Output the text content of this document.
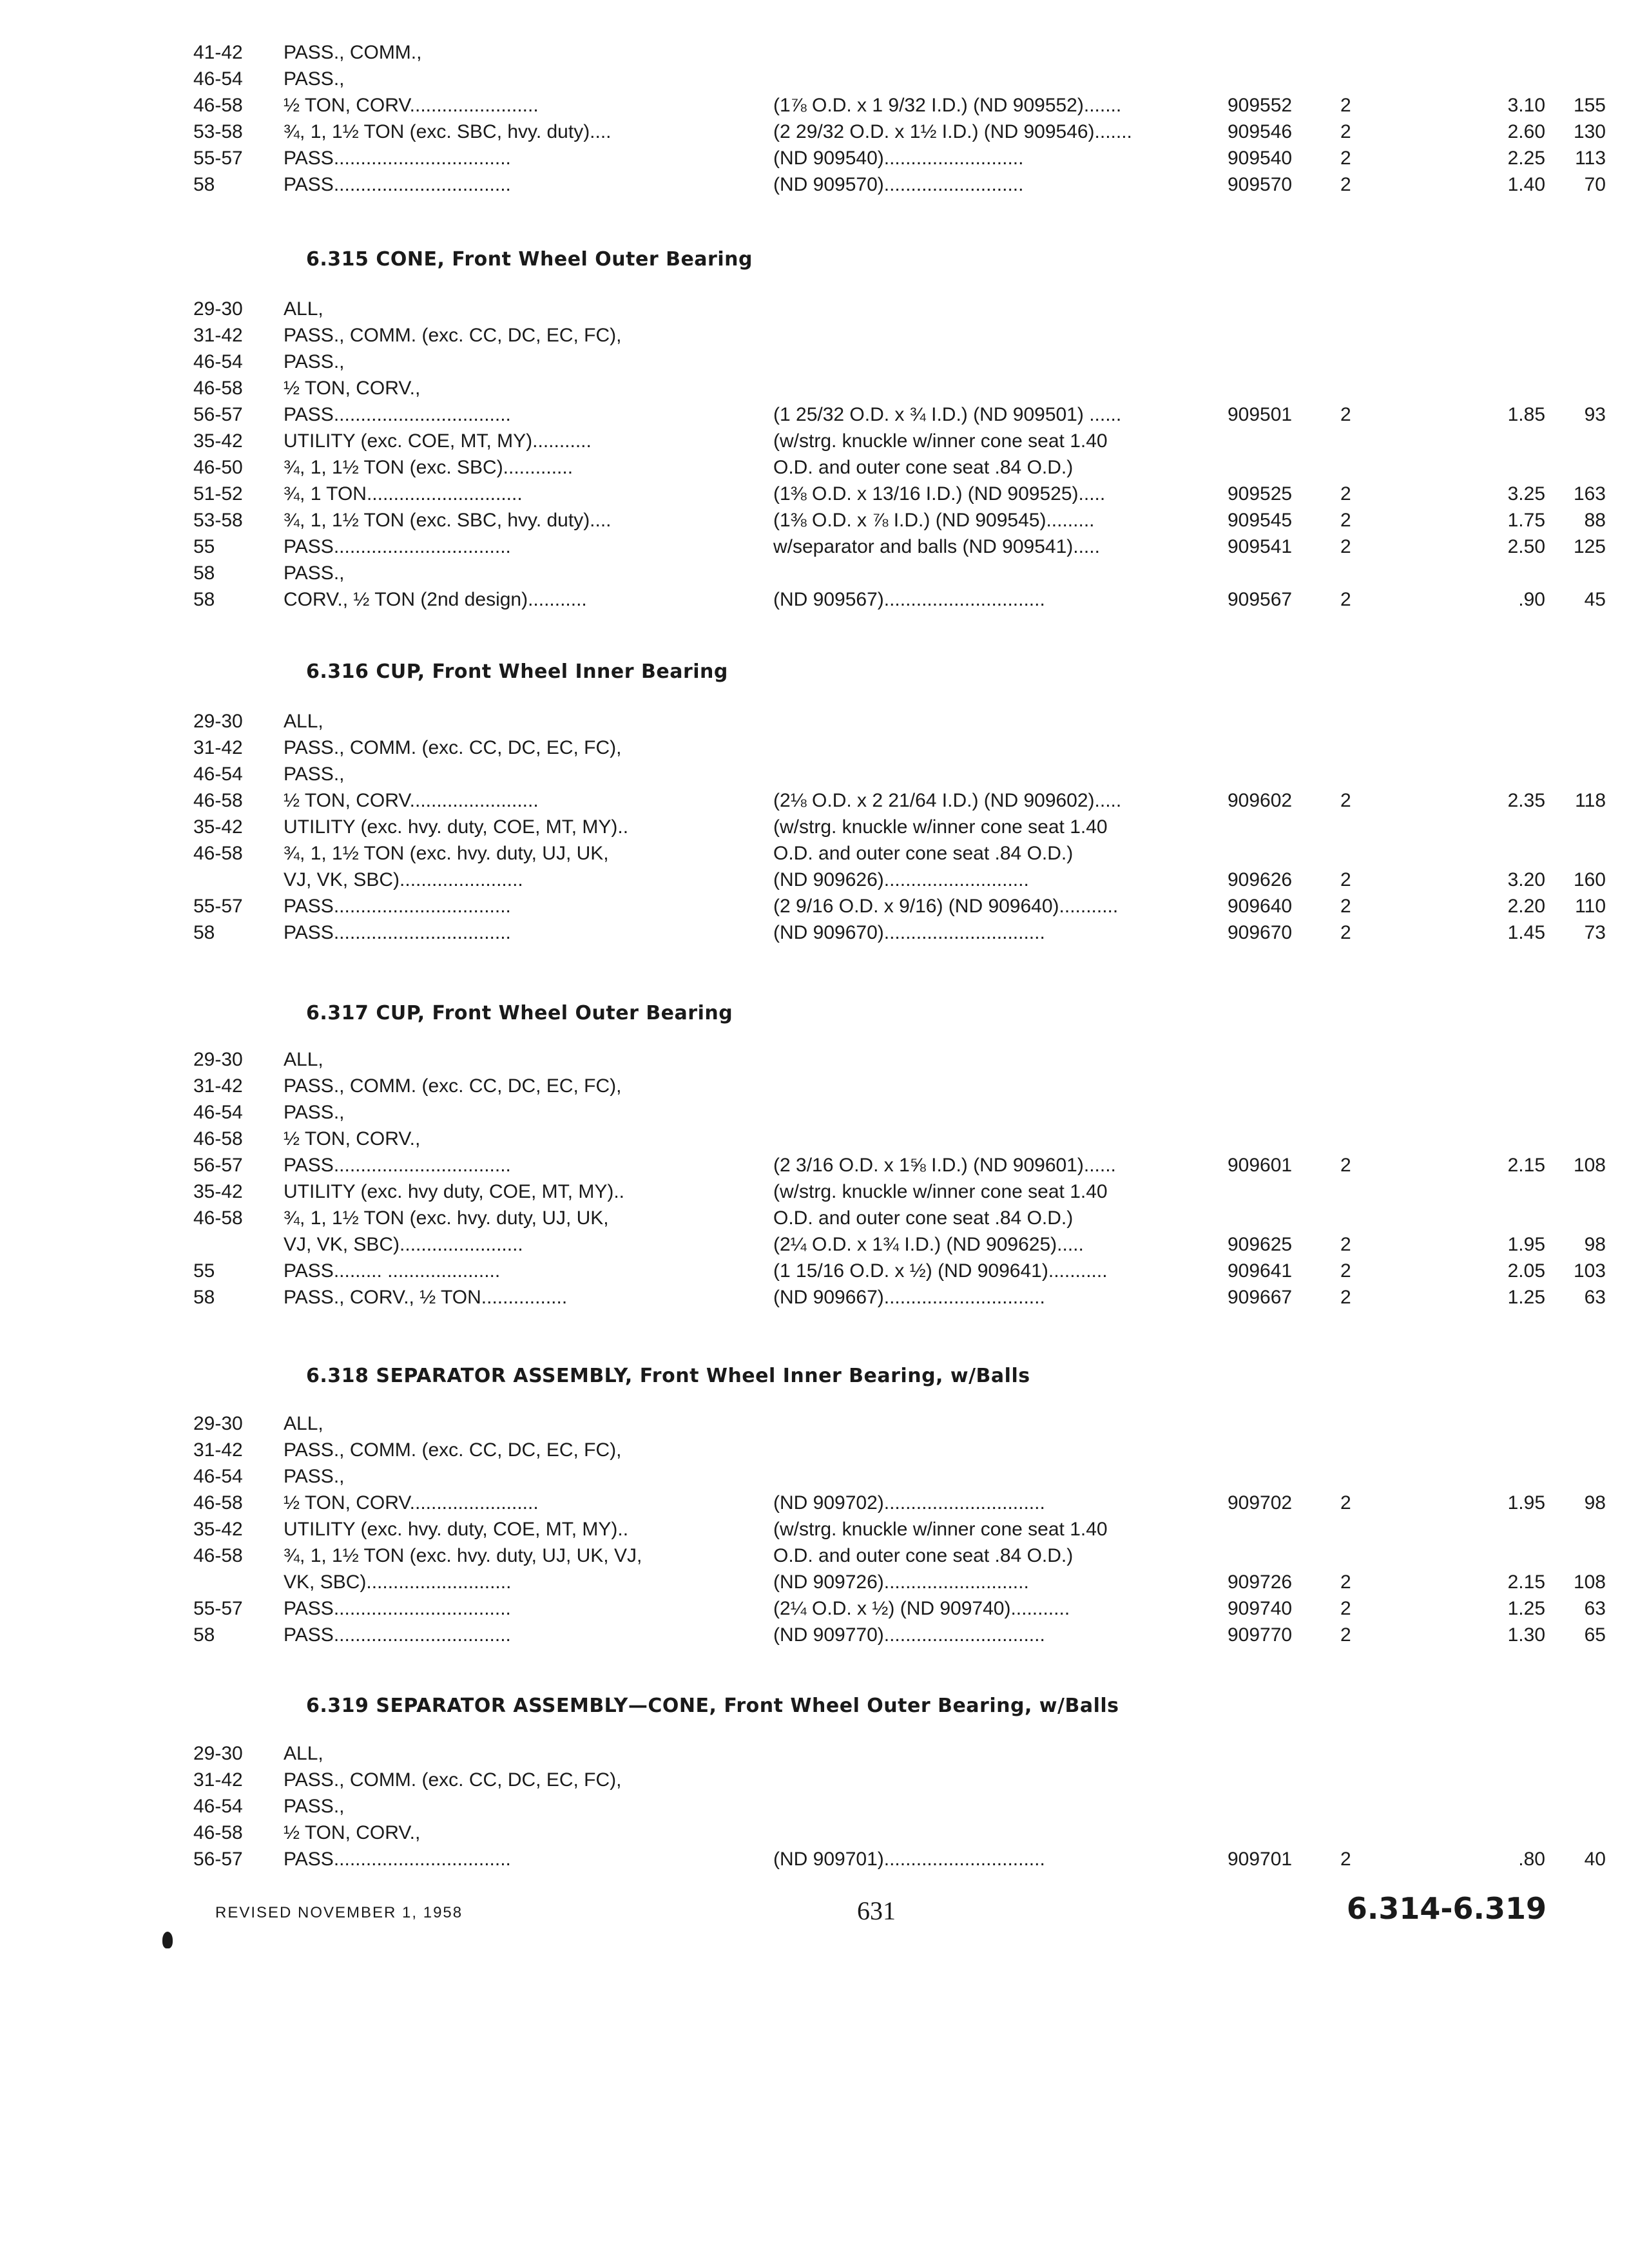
41-42 PASS., COMM.,
46-54 PASS.,
46-58 ½ TON, CORV........................	(1⅞ O.D. x 1 9/32 I.D.) (ND 909552).......	909552 2	3.10	155
53-58 ¾, 1, 1½ TON (exc. SBC, hvy. duty)....	(2 29/32 O.D. x 1½ I.D.) (ND 909546).......	909546 2	2.60	130
55-57 PASS.................................	(ND 909540)..........................	909540 2	2.25	113
58	PASS.................................	(ND 909570)..........................	909570 2	1.40	70
6.315 CONE, Front Wheel Outer Bearing
29-30 ALL,
31-42 PASS., COMM. (exc. CC, DC, EC, FC),
46-54 PASS.,
46-58 ½ TON, CORV.,
56-57 PASS.................................	(1 25/32 O.D. x ¾ I.D.) (ND 909501) ......	909501 2	1.85	93
35-42 UTILITY (exc. COE, MT, MY)...........	(w/strg. knuckle w/inner cone seat 1.40
46-50 ¾, 1, 1½ TON (exc. SBC).............	O.D. and outer cone seat .84 O.D.)
51-52 ¾, 1 TON.............................	(1⅜ O.D. x 13/16 I.D.) (ND 909525).....	909525 2	3.25	163
53-58 ¾, 1, 1½ TON (exc. SBC, hvy. duty)....	(1⅜ O.D. x ⅞ I.D.) (ND 909545).........	909545 2	1.75	88
55	PASS.................................	w/separator and balls (ND 909541).....	909541 2	2.50	125
58	PASS.,
58	CORV., ½ TON (2nd design)...........	(ND 909567)..............................	909567 2	.90	45
6.316 CUP, Front Wheel Inner Bearing
29-30 ALL,
31-42 PASS., COMM. (exc. CC, DC, EC, FC),
46-54 PASS.,
46-58 ½ TON, CORV........................	(2⅛ O.D. x 2 21/64 I.D.) (ND 909602).....	909602 2	2.35	118
35-42 UTILITY (exc. hvy. duty, COE, MT, MY)..	(w/strg. knuckle w/inner cone seat 1.40
46-58 ¾, 1, 1½ TON (exc. hvy. duty, UJ, UK,	O.D. and outer cone seat .84 O.D.)
VJ, VK, SBC).......................	(ND 909626)...........................	909626 2	3.20	160
55-57 PASS.................................	(2 9/16 O.D. x 9/16) (ND 909640)...........	909640 2	2.20	110
58	PASS.................................	(ND 909670)..............................	909670 2	1.45	73
6.317 CUP, Front Wheel Outer Bearing
29-30 ALL,
31-42 PASS., COMM. (exc. CC, DC, EC, FC),
46-54 PASS.,
46-58 ½ TON, CORV.,
56-57 PASS.................................	(2 3/16 O.D. x 1⅝ I.D.) (ND 909601)......	909601 2	2.15	108
35-42 UTILITY (exc. hvy duty, COE, MT, MY)..	(w/strg. knuckle w/inner cone seat 1.40
46-58 ¾, 1, 1½ TON (exc. hvy. duty, UJ, UK,	O.D. and outer cone seat .84 O.D.)
VJ, VK, SBC).......................	(2¼ O.D. x 1¾ I.D.) (ND 909625).....	909625 2	1.95	98
55	PASS......... .....................	(1 15/16 O.D. x ½) (ND 909641)...........	909641 2	2.05	103
58	PASS., CORV., ½ TON................	(ND 909667)..............................	909667 2	1.25	63
6.318 SEPARATOR ASSEMBLY, Front Wheel Inner Bearing, w/Balls
29-30 ALL,
31-42 PASS., COMM. (exc. CC, DC, EC, FC),
46-54 PASS.,
46-58 ½ TON, CORV........................	(ND 909702)..............................	909702 2	1.95	98
35-42 UTILITY (exc. hvy. duty, COE, MT, MY)..	(w/strg. knuckle w/inner cone seat 1.40
46-58 ¾, 1, 1½ TON (exc. hvy. duty, UJ, UK, VJ,	O.D. and outer cone seat .84 O.D.)
VK, SBC)...........................	(ND 909726)...........................	909726 2	2.15	108
55-57 PASS.................................	(2¼ O.D. x ½) (ND 909740)...........	909740 2	1.25	63
58	PASS.................................	(ND 909770)..............................	909770 2	1.30	65
6.319 SEPARATOR ASSEMBLY—CONE, Front Wheel Outer Bearing, w/Balls
29-30 ALL,
31-42 PASS., COMM. (exc. CC, DC, EC, FC),
46-54 PASS.,
46-58 ½ TON, CORV.,
56-57 PASS.................................	(ND 909701)..............................	909701 2	.80	40
REVISED NOVEMBER 1, 1958	631	6.314-6.319
